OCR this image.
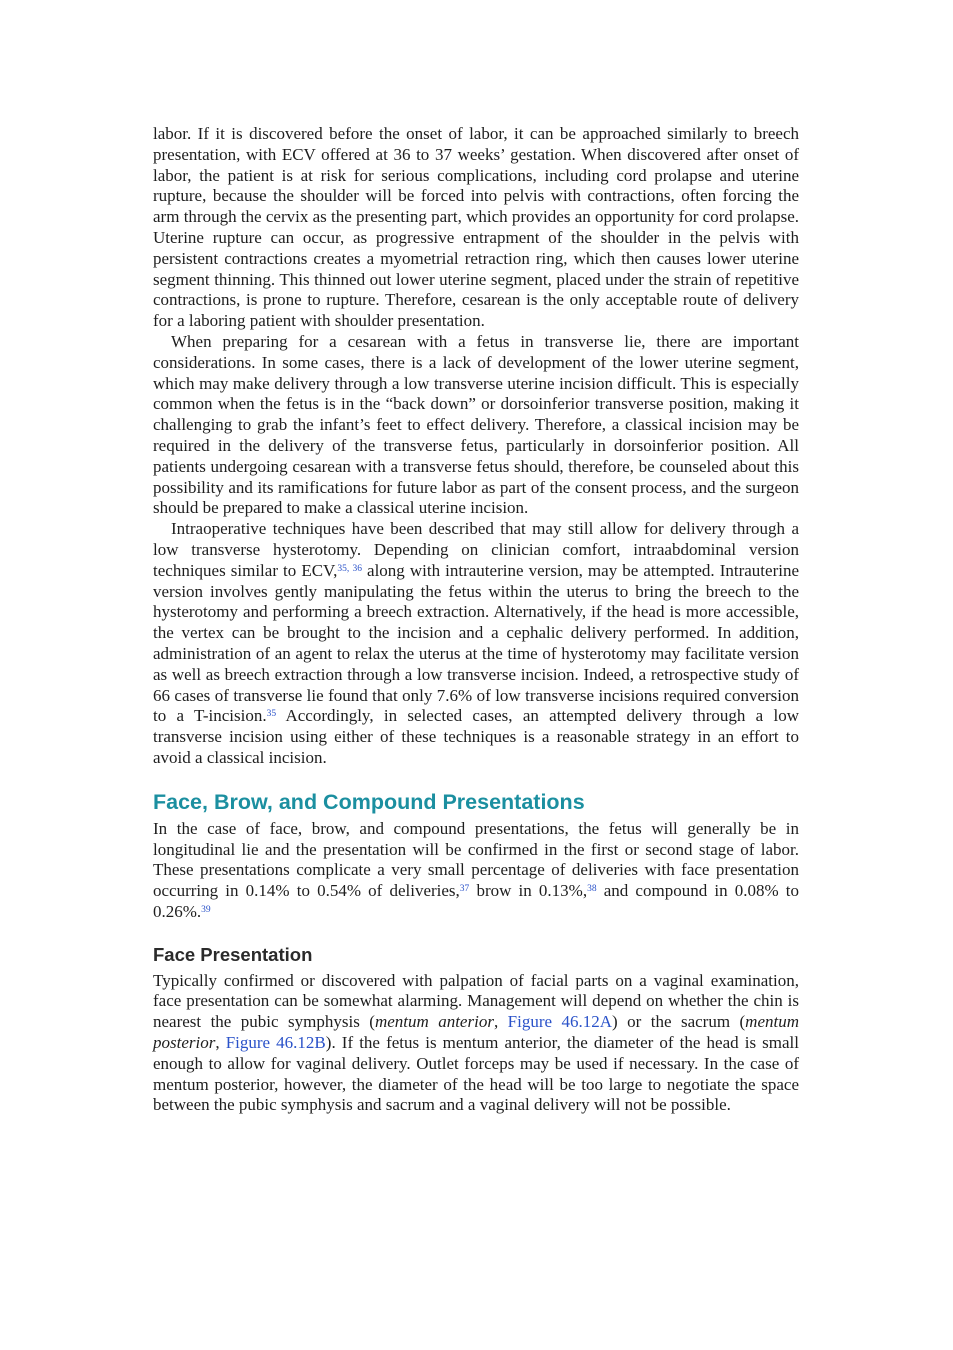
labor. If it is discovered before the onset of labor, it can be approached similarly to breech presentation, with ECV offered at 36 to 37 weeks’ gestation. When discovered after onset of labor, the patient is at risk for serious complications, including cord prolapse and uterine rupture, because the shoulder will be forced into pelvis with contractions, often forcing the arm through the cervix as the presenting part, which provides an opportunity for cord prolapse. Uterine rupture can occur, as progressive entrapment of the shoulder in the pelvis with persistent contractions creates a myometrial retraction ring, which then causes lower uterine segment thinning. This thinned out lower uterine segment, placed under the strain of repetitive contractions, is prone to rupture. Therefore, cesarean is the only acceptable route of delivery for a laboring patient with shoulder presentation.

When preparing for a cesarean with a fetus in transverse lie, there are important considerations. In some cases, there is a lack of development of the lower uterine segment, which may make delivery through a low transverse uterine incision difficult. This is especially common when the fetus is in the “back down” or dorsoinferior transverse position, making it challenging to grab the infant’s feet to effect delivery. Therefore, a classical incision may be required in the delivery of the transverse fetus, particularly in dorsoinferior position. All patients undergoing cesarean with a transverse fetus should, therefore, be counseled about this possibility and its ramifications for future labor as part of the consent process, and the surgeon should be prepared to make a classical uterine incision.

Intraoperative techniques have been described that may still allow for delivery through a low transverse hysterotomy. Depending on clinician comfort, intraabdominal version techniques similar to ECV,$^{35, 36}$ along with intrauterine version, may be attempted. Intrauterine version involves gently manipulating the fetus within the uterus to bring the breech to the hysterotomy and performing a breech extraction. Alternatively, if the head is more accessible, the vertex can be brought to the incision and a cephalic delivery performed. In addition, administration of an agent to relax the uterus at the time of hysterotomy may facilitate version as well as breech extraction through a low transverse incision. Indeed, a retrospective study of 66 cases of transverse lie found that only 7.6% of low transverse incisions required conversion to a T-incision.$^{35}$ Accordingly, in selected cases, an attempted delivery through a low transverse incision using either of these techniques is a reasonable strategy in an effort to avoid a classical incision.

Face, Brow, and Compound Presentations

In the case of face, brow, and compound presentations, the fetus will generally be in longitudinal lie and the presentation will be confirmed in the first or second stage of labor. These presentations complicate a very small percentage of deliveries with face presentation occurring in 0.14% to 0.54% of deliveries,$^{37}$ brow in 0.13%,$^{38}$ and compound in 0.08% to 0.26%.$^{39}$

Face Presentation

Typically confirmed or discovered with palpation of facial parts on a vaginal examination, face presentation can be somewhat alarming. Management will depend on whether the chin is nearest the pubic symphysis (mentum anterior, Figure 46.12A) or the sacrum (mentum posterior, Figure 46.12B). If the fetus is mentum anterior, the diameter of the head is small enough to allow for vaginal delivery. Outlet forceps may be used if necessary. In the case of mentum posterior, however, the diameter of the head will be too large to negotiate the space between the pubic symphysis and sacrum and a vaginal delivery will not be possible.
